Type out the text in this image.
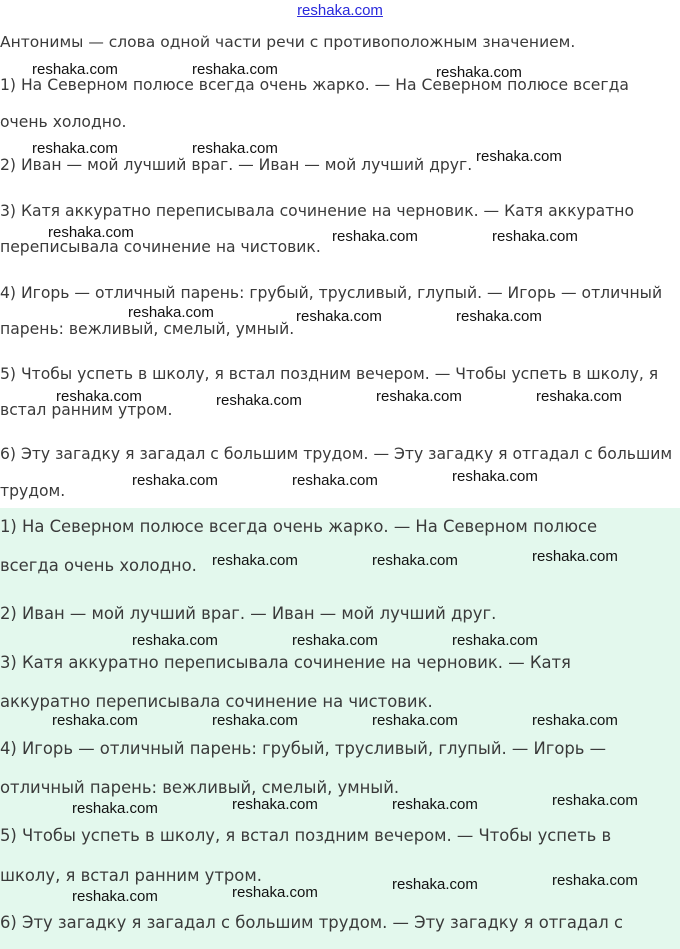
reshaka.com
Антонимы — слова одной части речи с противоположным значением.
1) На Северном полюсе всегда очень жарко. — На Северном полюсе всегда
очень холодно.
2) Иван — мой лучший враг. — Иван — мой лучший друг.
3) Катя аккуратно переписывала сочинение на черновик. — Катя аккуратно
переписывала сочинение на чистовик.
4) Игорь — отличный парень: грубый, трусливый, глупый. — Игорь — отличный
парень: вежливый, смелый, умный.
5) Чтобы успеть в школу, я встал поздним вечером. — Чтобы успеть в школу, я
встал ранним утром.
6) Эту загадку я загадал с большим трудом. — Эту загадку я отгадал с большим
трудом.
1) На Северном полюсе всегда очень жарко. — На Северном полюсе
всегда очень холодно.
2) Иван — мой лучший враг. — Иван — мой лучший друг.
3) Катя аккуратно переписывала сочинение на черновик. — Катя
аккуратно переписывала сочинение на чистовик.
4) Игорь — отличный парень: грубый, трусливый, глупый. — Игорь —
отличный парень: вежливый, смелый, умный.
5) Чтобы успеть в школу, я встал поздним вечером. — Чтобы успеть в
школу, я встал ранним утром.
6) Эту загадку я загадал с большим трудом. — Эту загадку я отгадал с
reshaka.com	reshaka.com	reshaka.com
reshaka.com	reshaka.com	reshaka.com
reshaka.com	reshaka.com	reshaka.com
reshaka.com	reshaka.com	reshaka.com
reshaka.com	reshaka.com	reshaka.com	reshaka.com
reshaka.com	reshaka.com	reshaka.com
reshaka.com	reshaka.com	reshaka.com
reshaka.com	reshaka.com	reshaka.com
reshaka.com	reshaka.com	reshaka.com	reshaka.com
reshaka.com	reshaka.com	reshaka.com	reshaka.com
reshaka.com	reshaka.com	reshaka.com	reshaka.com
